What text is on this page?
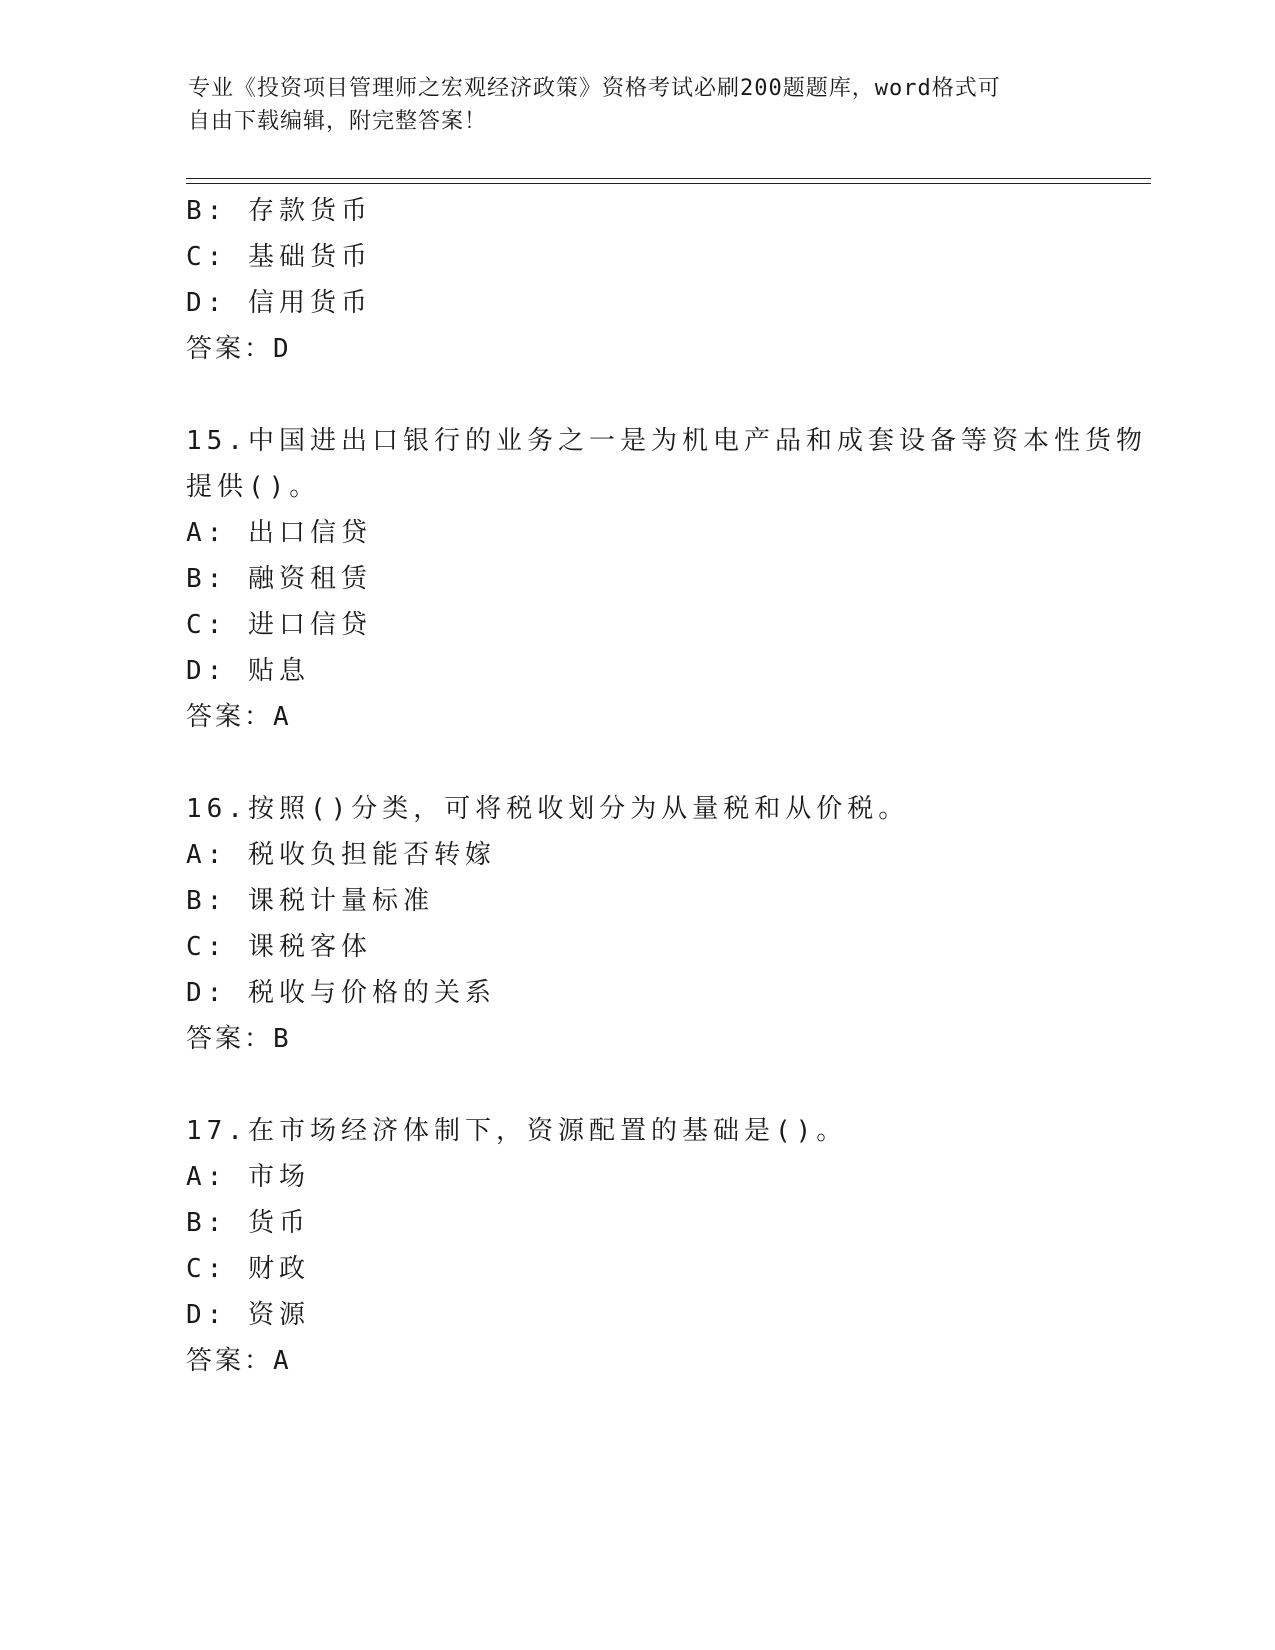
专业《投资项目管理师之宏观经济政策》资格考试必刷200题题库，word格式可
自由下载编辑，附完整答案！
B: 存款货币
C: 基础货币
D: 信用货币
答案：D
15.中国进出口银行的业务之一是为机电产品和成套设备等资本性货物
提供()。
A: 出口信贷
B: 融资租赁
C: 进口信贷
D: 贴息
答案：A
16.按照()分类，可将税收划分为从量税和从价税。
A: 税收负担能否转嫁
B: 课税计量标准
C: 课税客体
D: 税收与价格的关系
答案：B
17.在市场经济体制下，资源配置的基础是()。
A: 市场
B: 货币
C: 财政
D: 资源
答案：A
